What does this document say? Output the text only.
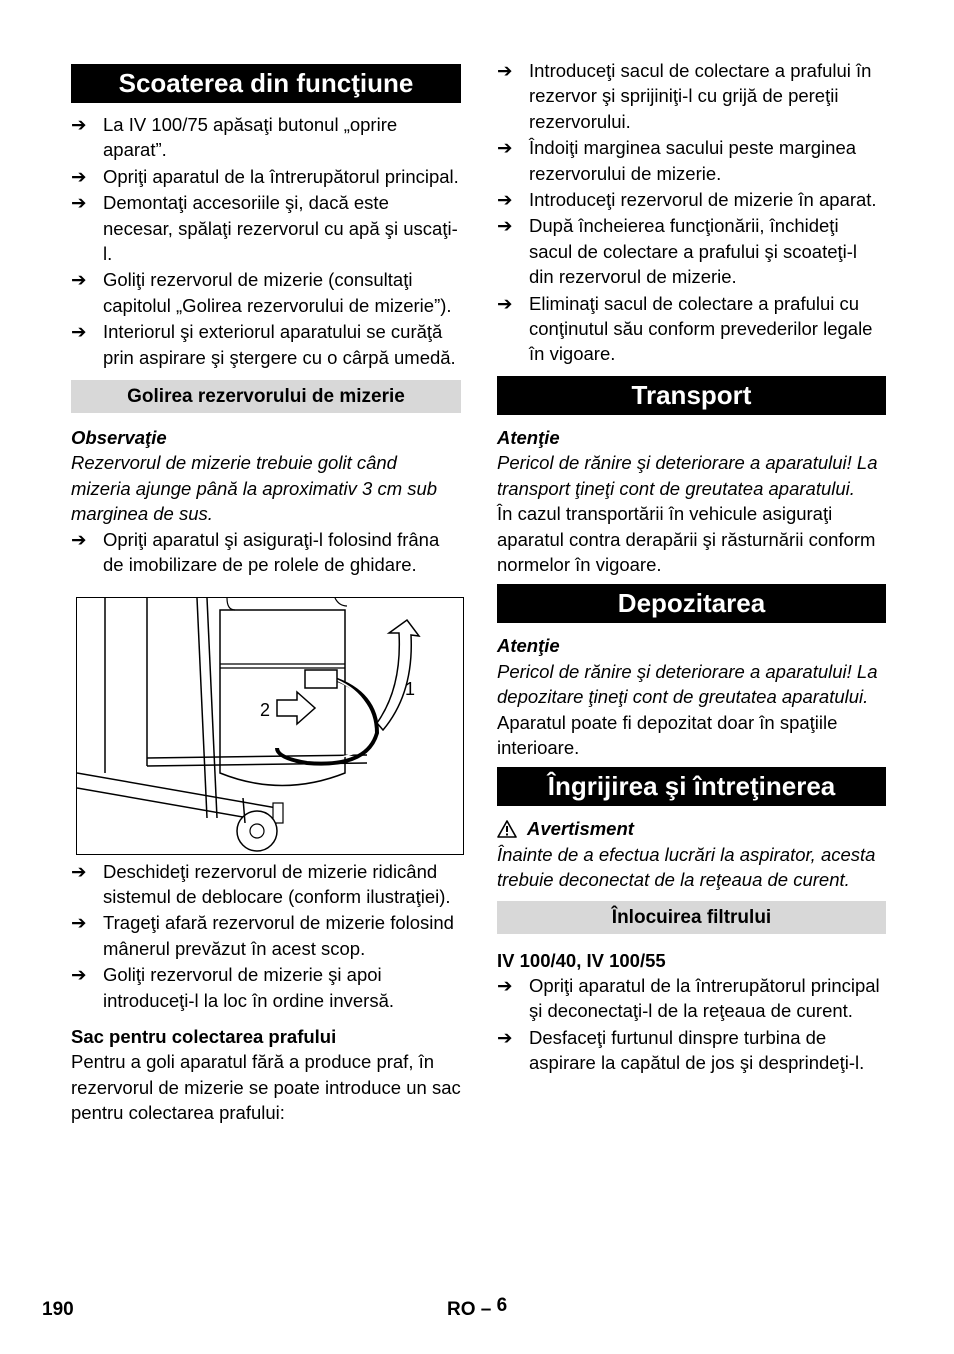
Scoaterea din funcţiune
➔ La IV 100/75 apăsaţi butonul „oprire aparat”.
➔ Opriţi aparatul de la întrerupătorul principal.
➔ Demontaţi accesoriile şi, dacă este necesar, spălaţi rezervorul cu apă şi uscaţi-l.
➔ Goliţi rezervorul de mizerie (consultaţi capitolul „Golirea rezervorului de mizerie”).
➔ Interiorul şi exteriorul aparatului se curăţă prin aspirare şi ştergere cu o cârpă umedă.
Golirea rezervorului de mizerie

Observaţie

Rezervorul de mizerie trebuie golit când mizeria ajunge până la aproximativ 3 cm sub marginea de sus.

➔ Opriţi aparatul şi asiguraţi-l folosind frâna de imobilizare de pe rolele de ghidare.
1
2
➔ Deschideţi rezervorul de mizerie ridicând sistemul de deblocare (conform ilustraţiei).
➔ Trageţi afară rezervorul de mizerie folosind mânerul prevăzut în acest scop.
➔ Goliţi rezervorul de mizerie şi apoi introduceţi-l la loc în ordine inversă.

Sac pentru colectarea prafului

Pentru a goli aparatul fără a produce praf, în rezervorul de mizerie se poate introduce un sac pentru colectarea prafului:

➔ Introduceţi sacul de colectare a prafului în rezervor şi sprijiniţi-l cu grijă de pereţii rezervorului.
➔ Îndoiţi marginea sacului peste marginea rezervorului de mizerie.
➔ Introduceţi rezervorul de mizerie în aparat.
➔ După încheierea funcţionării, închideţi sacul de colectare a prafului şi scoateţi-l din rezervorul de mizerie.
➔ Eliminaţi sacul de colectare a prafului cu conţinutul său conform prevederilor legale în vigoare.
Transport

Atenţie

Pericol de rănire şi deteriorare a aparatului! La transport ţineţi cont de greutatea aparatului.

În cazul transportării în vehicule asiguraţi aparatul contra derapării şi răsturnării conform normelor în vigoare.

Depozitarea

Atenţie

Pericol de rănire şi deteriorare a aparatului! La depozitare ţineţi cont de greutatea aparatului.

Aparatul poate fi depozitat doar în spaţiile interioare.

Îngrijirea şi întreţinerea
Avertisment

Înainte de a efectua lucrări la aspirator, acesta trebuie deconectat de la reţeaua de curent.

Înlocuirea filtrului

IV 100/40, IV 100/55

➔ Opriţi aparatul de la întrerupătorul principal şi deconectaţi-l de la reţeaua de curent.
➔ Desfaceţi furtunul dinspre turbina de aspirare la capătul de jos şi desprindeţi-l.
190	RO – 6
